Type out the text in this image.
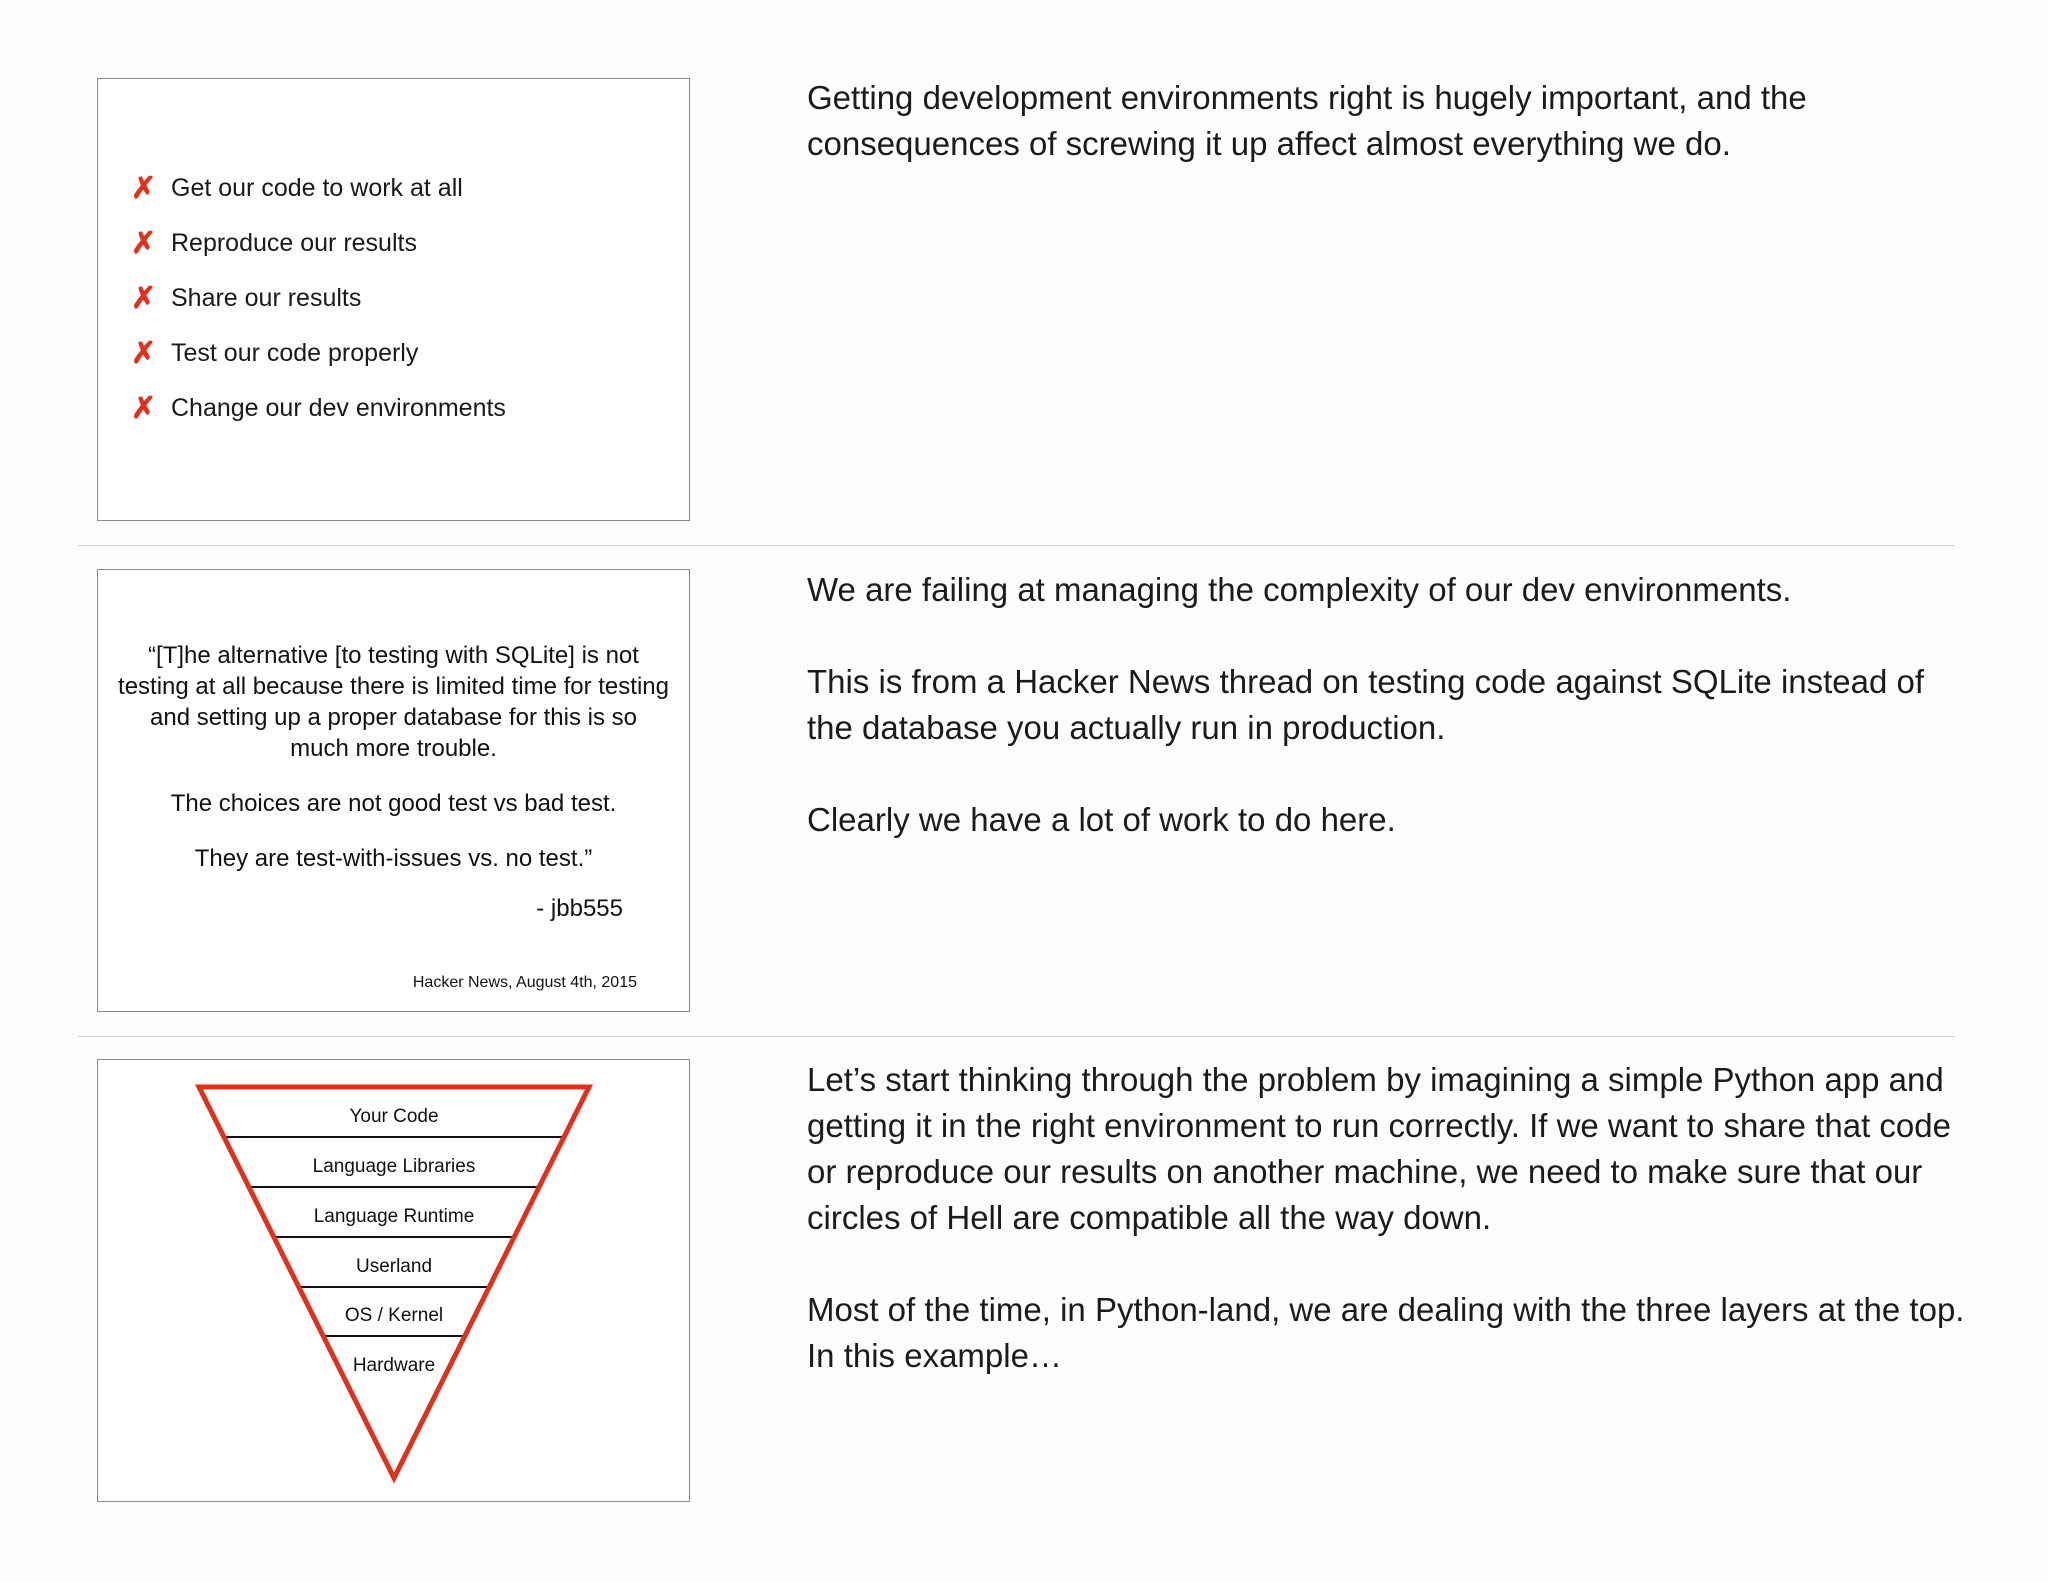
✗ Get our code to work at all
✗ Reproduce our results
✗ Share our results
✗ Test our code properly
✗ Change our dev environments

Getting development environments right is hugely important, and the consequences of screwing it up affect almost everything we do.

“[T]he alternative [to testing with SQLite] is not testing at all because there is limited time for testing and setting up a proper database for this is so much more trouble.

The choices are not good test vs bad test.

They are test-with-issues vs. no test.”

- jbb555
Hacker News, August 4th, 2015

We are failing at managing the complexity of our dev environments.

This is from a Hacker News thread on testing code against SQLite instead of the database you actually run in production.

Clearly we have a lot of work to do here.

Your Code
Language Libraries
Language Runtime
Userland
OS / Kernel
Hardware

Let’s start thinking through the problem by imagining a simple Python app and getting it in the right environment to run correctly. If we want to share that code or reproduce our results on another machine, we need to make sure that our circles of Hell are compatible all the way down.

Most of the time, in Python-land, we are dealing with the three layers at the top. In this example…
